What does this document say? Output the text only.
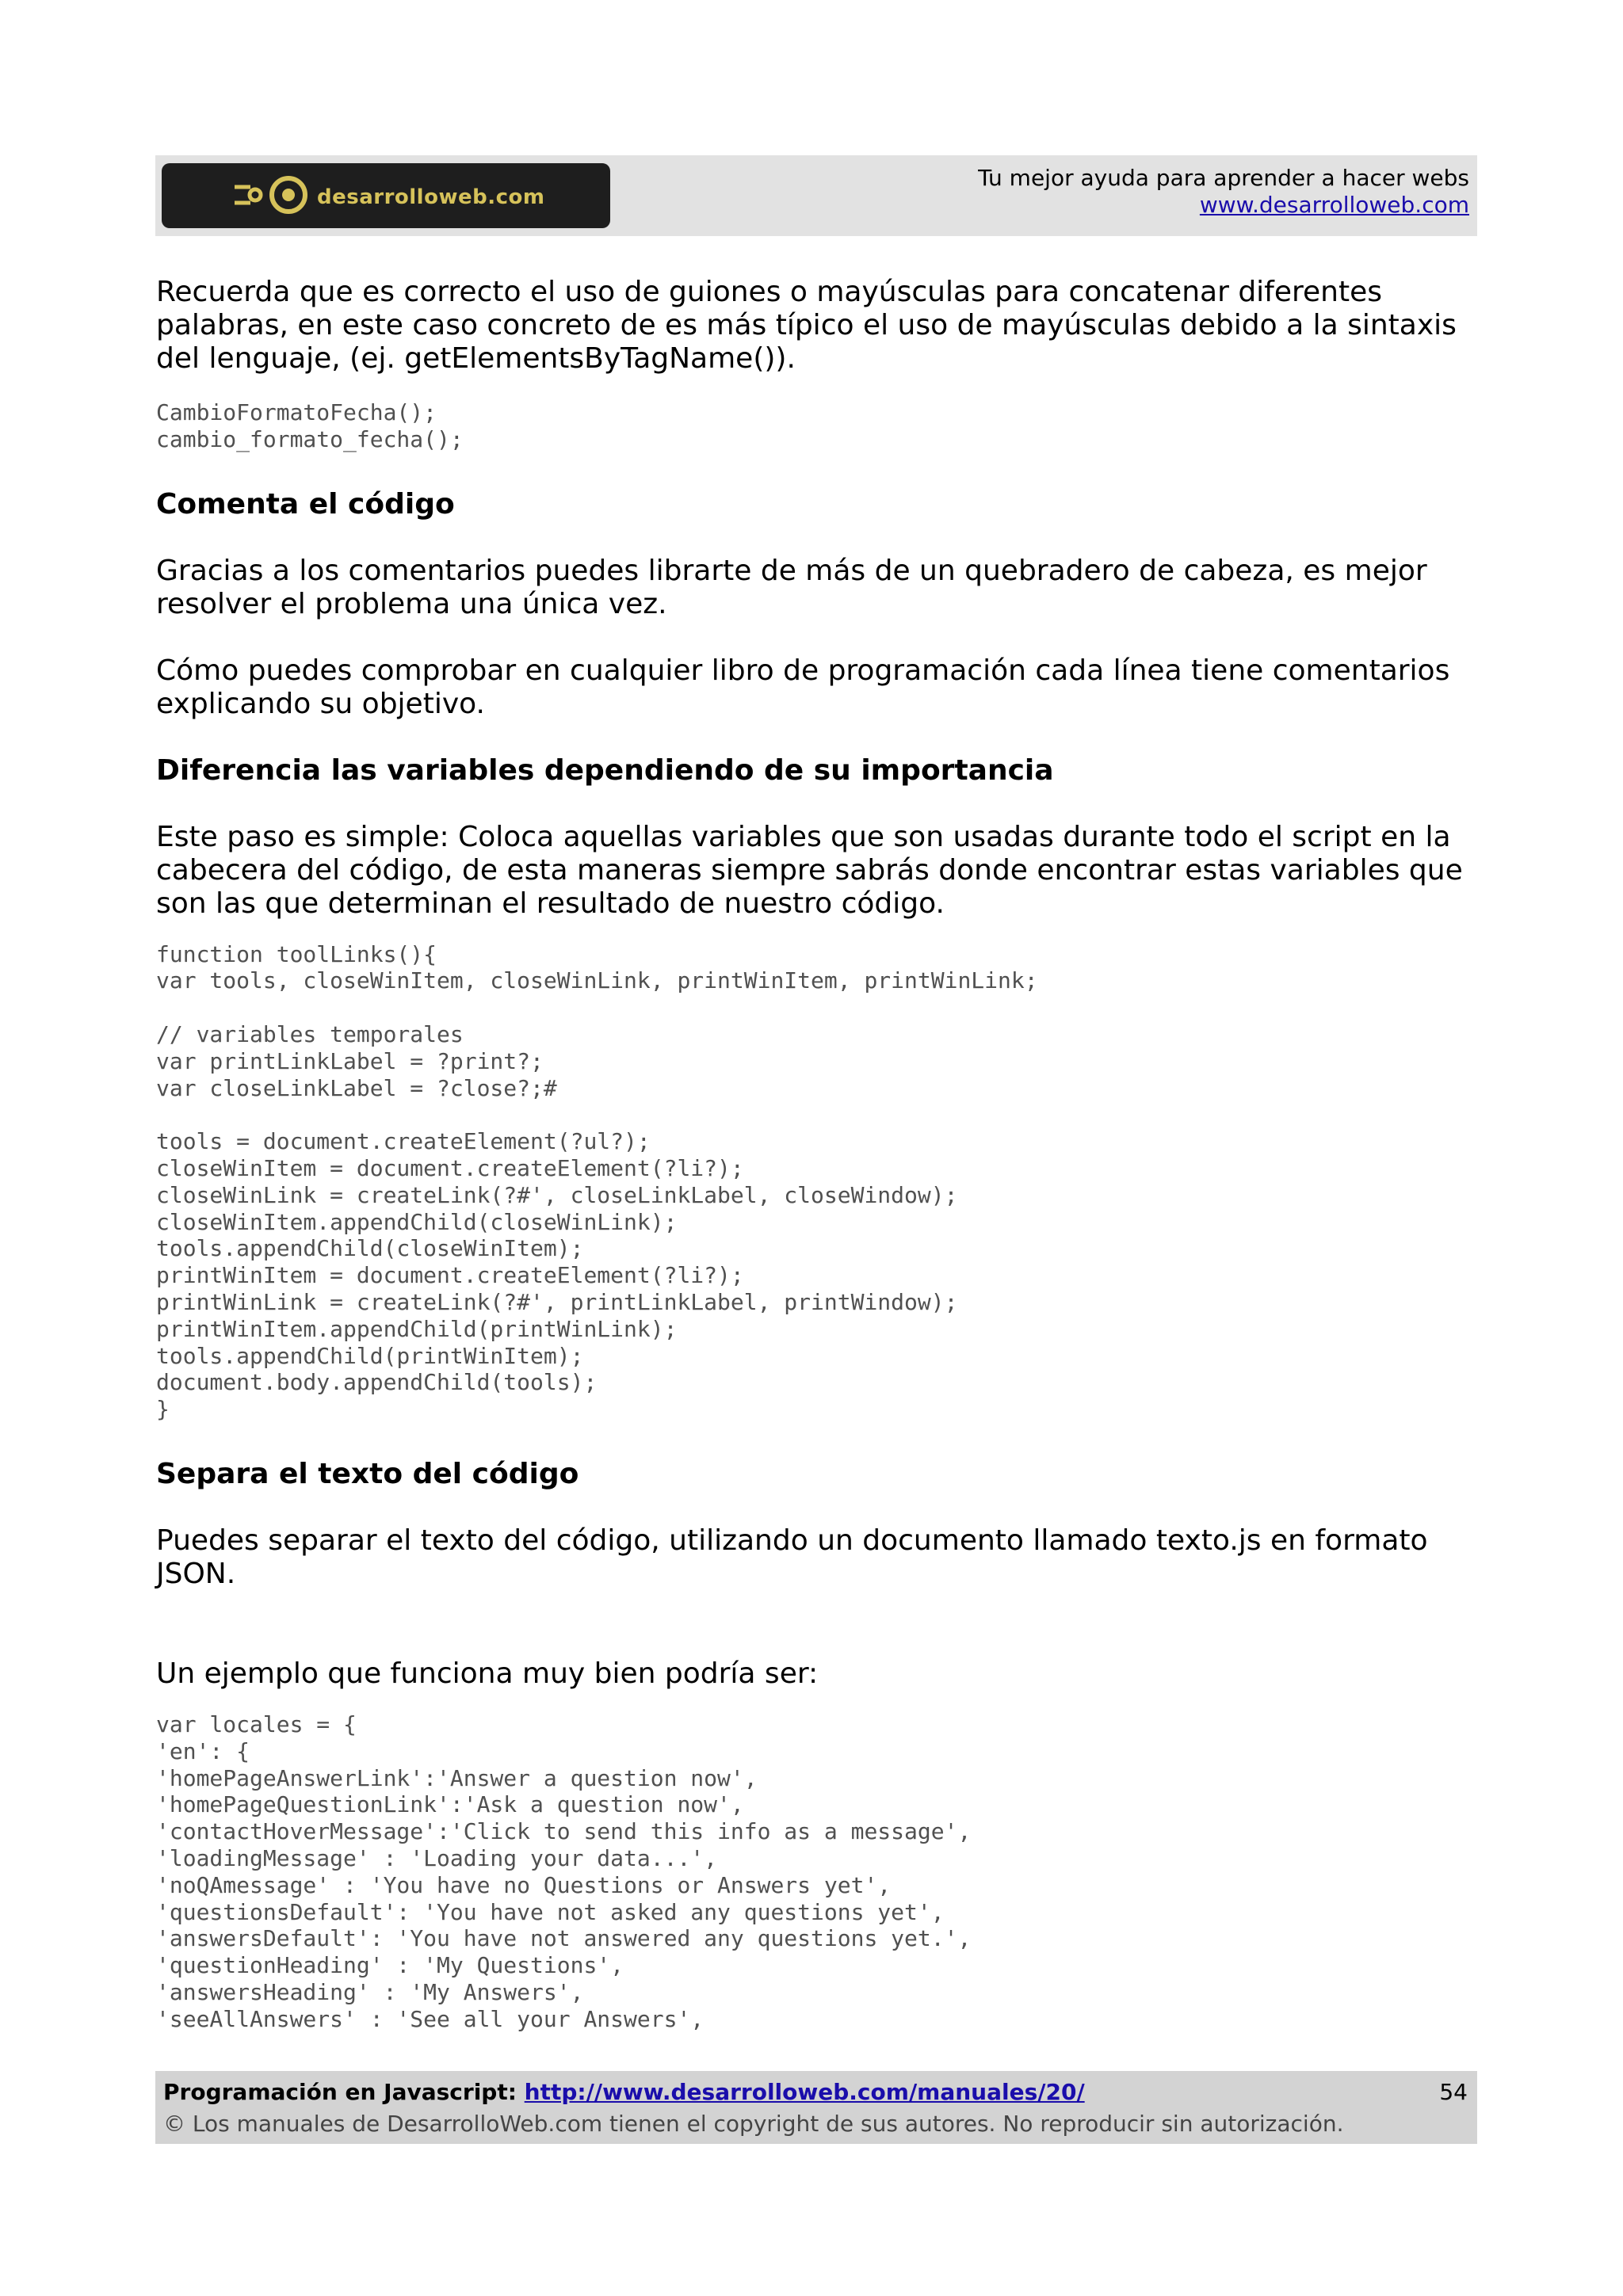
desarrolloweb.com
Tu mejor ayuda para aprender a hacer webs
www.desarrolloweb.com

Recuerda que es correcto el uso de guiones o mayúsculas para concatenar diferentes palabras, en este caso concreto de es más típico el uso de mayúsculas debido a la sintaxis del lenguaje, (ej. getElementsByTagName()).

CambioFormatoFecha();
cambio_formato_fecha();
Comenta el código

Gracias a los comentarios puedes librarte de más de un quebradero de cabeza, es mejor resolver el problema una única vez.

Cómo puedes comprobar en cualquier libro de programación cada línea tiene comentarios explicando su objetivo.

Diferencia las variables dependiendo de su importancia

Este paso es simple: Coloca aquellas variables que son usadas durante todo el script en la cabecera del código, de esta maneras siempre sabrás donde encontrar estas variables que son las que determinan el resultado de nuestro código.

function toolLinks(){
var tools, closeWinItem, closeWinLink, printWinItem, printWinLink;

// variables temporales
var printLinkLabel = ?print?;
var closeLinkLabel = ?close?;#

tools = document.createElement(?ul?);
closeWinItem = document.createElement(?li?);
closeWinLink = createLink(?#', closeLinkLabel, closeWindow);
closeWinItem.appendChild(closeWinLink);
tools.appendChild(closeWinItem);
printWinItem = document.createElement(?li?);
printWinLink = createLink(?#', printLinkLabel, printWindow);
printWinItem.appendChild(printWinLink);
tools.appendChild(printWinItem);
document.body.appendChild(tools);
}
Separa el texto del código

Puedes separar el texto del código, utilizando un documento llamado texto.js en formato JSON.

Un ejemplo que funciona muy bien podría ser:

var locales = {
'en': {
'homePageAnswerLink':'Answer a question now',
'homePageQuestionLink':'Ask a question now',
'contactHoverMessage':'Click to send this info as a message',
'loadingMessage' : 'Loading your data...',
'noQAmessage' : 'You have no Questions or Answers yet',
'questionsDefault': 'You have not asked any questions yet',
'answersDefault': 'You have not answered any questions yet.',
'questionHeading' : 'My Questions',
'answersHeading' : 'My Answers',
'seeAllAnswers' : 'See all your Answers',
Programación en Javascript: http://www.desarrolloweb.com/manuales/20/
© Los manuales de DesarrolloWeb.com tienen el copyright de sus autores. No reproducir sin autorización.
54
